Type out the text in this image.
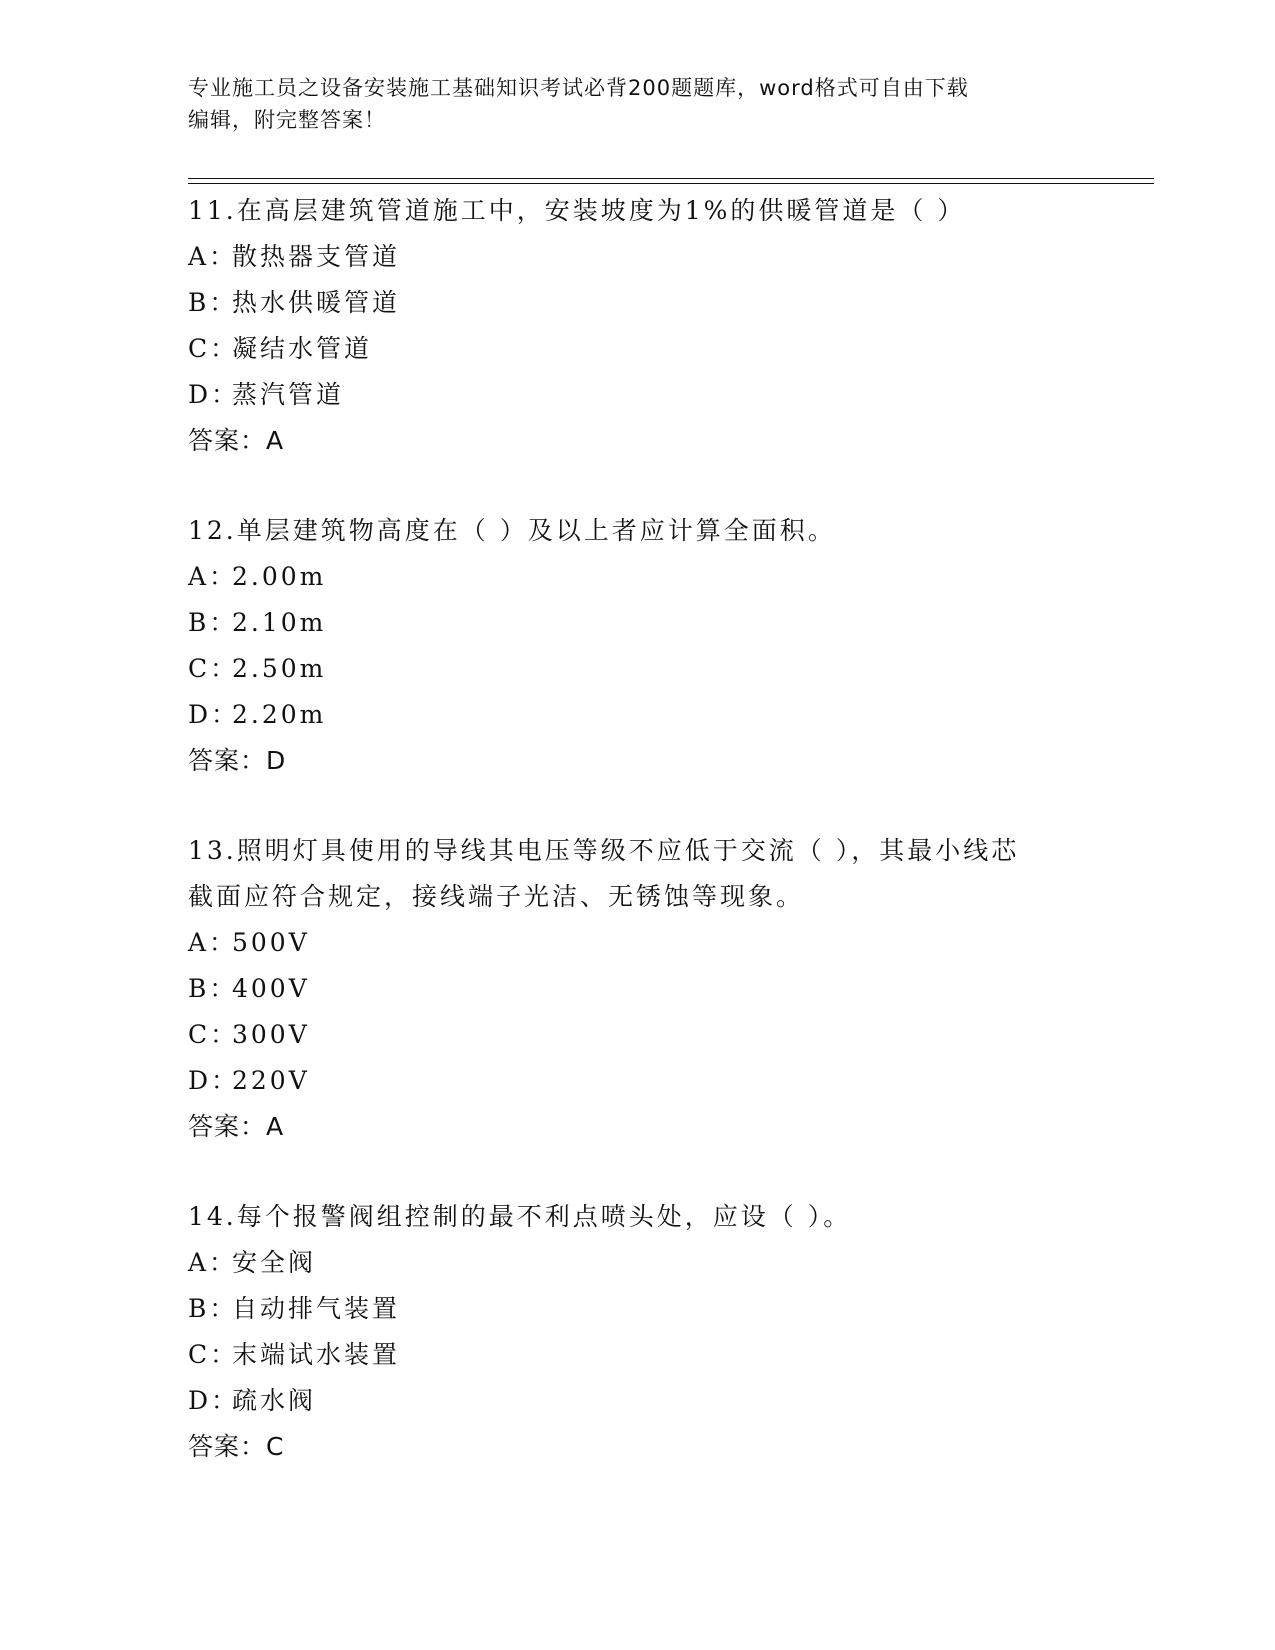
专业施工员之设备安装施工基础知识考试必背200题题库，word格式可自由下载
编辑，附完整答案！
11.在高层建筑管道施工中，安装坡度为1%的供暖管道是（ ）
A：
散热器支管道
B：
热水供暖管道
C：
凝结水管道
D：
蒸汽管道
答案：A
12.单层建筑物高度在（ ）及以上者应计算全面积。
A：
2.00m
B：
2.10m
C：
2.50m
D：
2.20m
答案：D
13.照明灯具使用的导线其电压等级不应低于交流（ ），其最小线芯
截面应符合规定，接线端子光洁、无锈蚀等现象。
A：
500V
B：
400V
C：
300V
D：
220V
答案：A
14.每个报警阀组控制的最不利点喷头处，应设（ ）。
A：
安全阀
B：
自动排气装置
C：
末端试水装置
D：
疏水阀
答案：C
